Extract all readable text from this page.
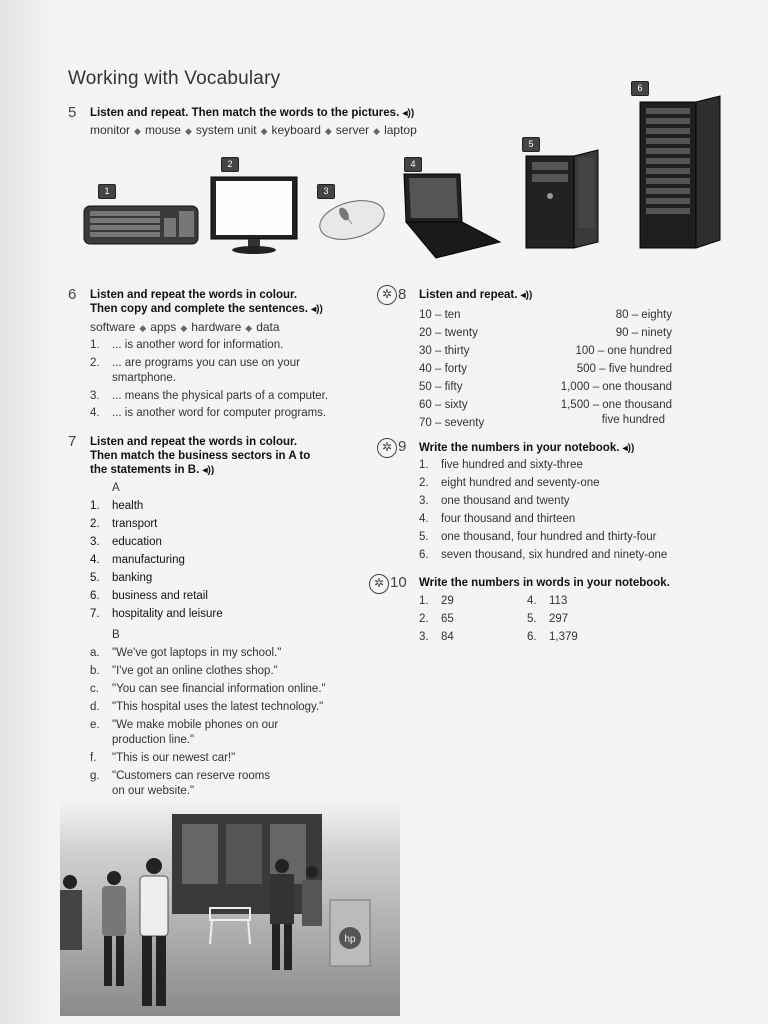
Working with Vocabulary
5 Listen and repeat. Then match the words to the pictures. ◂))
monitor ◆ mouse ◆ system unit ◆ keyboard ◆ server ◆ laptop
1
2
3
4
5
6
6 Listen and repeat the words in colour.
Then copy and complete the sentences. ◂))
software ◆ apps ◆ hardware ◆ data
1. ... is another word for information.
2. ... are programs you can use on your
smartphone.
3. ... means the physical parts of a computer.
4. ... is another word for computer programs.
7 Listen and repeat the words in colour.
Then match the business sectors in A to
the statements in B. ◂))
A
1. health
2. transport
3. education
4. manufacturing
5. banking
6. business and retail
7. hospitality and leisure
B
a. "We've got laptops in my school."
b. "I've got an online clothes shop."
c. "You can see financial information online."
d. "This hospital uses the latest technology."
e. "We make mobile phones on our
production line."
f. "This is our newest car!"
g. "Customers can reserve rooms
on our website."
✲ 8 Listen and repeat. ◂))
10 – ten
20 – twenty
30 – thirty
40 – forty
50 – fifty
60 – sixty
70 – seventy
80 – eighty
90 – ninety
100 – one hundred
500 – five hundred
1,000 – one thousand
1,500 – one thousand
five hundred
✲ 9 Write the numbers in your notebook. ◂))
1. five hundred and sixty-three
2. eight hundred and seventy-one
3. one thousand and twenty
4. four thousand and thirteen
5. one thousand, four hundred and thirty-four
6. seven thousand, six hundred and ninety-one
✲ 10 Write the numbers in words in your notebook.
1. 29
2. 65
3. 84
4. 113
5. 297
6. 1,379
hp
